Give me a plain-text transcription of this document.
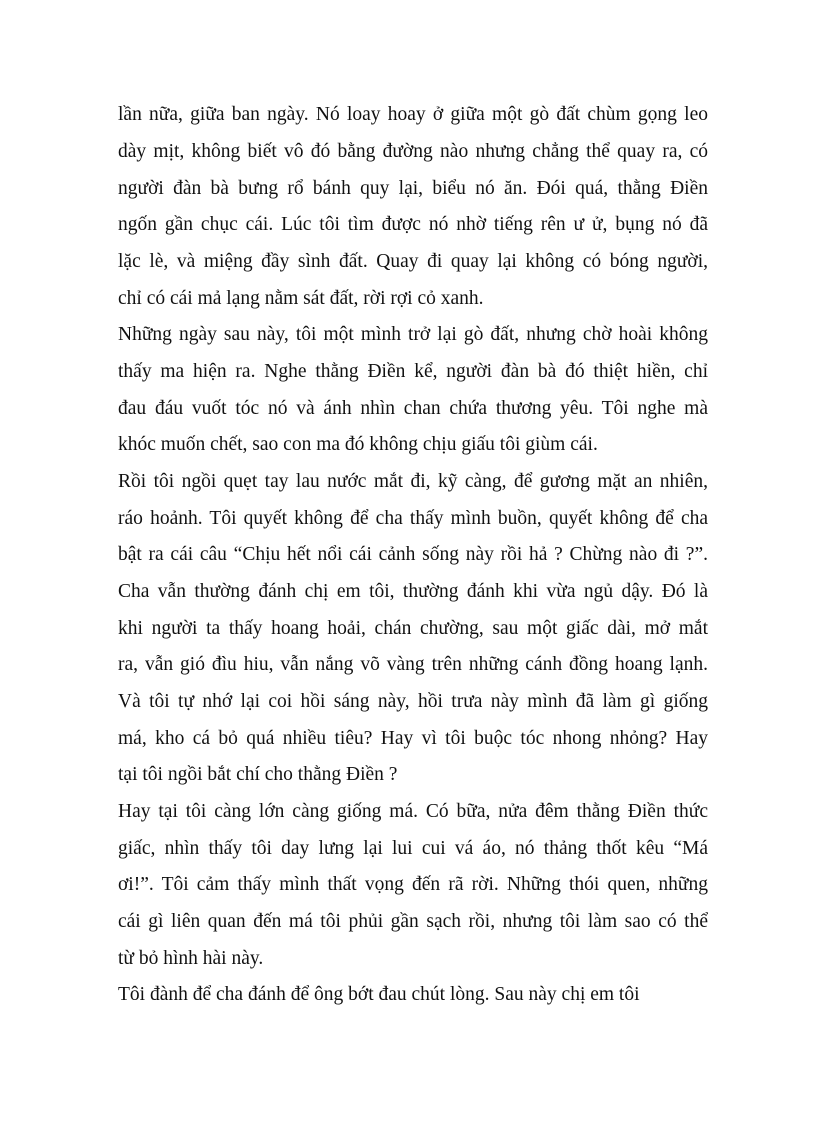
lần nữa, giữa ban ngày. Nó loay hoay ở giữa một gò đất chùm gọng leo

dày mịt, không biết vô đó bằng đường nào nhưng chẳng thể quay ra, có

người đàn bà bưng rổ bánh quy lại, biểu nó ăn. Đói quá, thằng Điền

ngốn gần chục cái. Lúc tôi tìm được nó nhờ tiếng rên ư ử, bụng nó đã

lặc lè, và miệng đầy sình đất. Quay đi quay lại không có bóng người,

chỉ có cái mả lạng nằm sát đất, rời rợi cỏ xanh.

Những ngày sau này, tôi một mình trở lại gò đất, nhưng chờ hoài không

thấy ma hiện ra. Nghe thằng Điền kể, người đàn bà đó thiệt hiền, chỉ

đau đáu vuốt tóc nó và ánh nhìn chan chứa thương yêu. Tôi nghe mà

khóc muốn chết, sao con ma đó không chịu giấu tôi giùm cái.

Rồi tôi ngồi quẹt tay lau nước mắt đi, kỹ càng, để gương mặt an nhiên,

ráo hoảnh. Tôi quyết không để cha thấy mình buồn, quyết không để cha

bật ra cái câu “Chịu hết nổi cái cảnh sống này rồi hả ? Chừng nào đi ?”.

Cha vẫn thường đánh chị em tôi, thường đánh khi vừa ngủ dậy. Đó là

khi người ta thấy hoang hoải, chán chường, sau một giấc dài, mở mắt

ra, vẫn gió đìu hiu, vẫn nắng võ vàng trên những cánh đồng hoang lạnh.

Và tôi tự nhớ lại coi hồi sáng này, hồi trưa này mình đã làm gì giống

má, kho cá bỏ quá nhiều tiêu? Hay vì tôi buộc tóc nhong nhỏng? Hay

tại tôi ngồi bắt chí cho thằng Điền ?

Hay tại tôi càng lớn càng giống má. Có bữa, nửa đêm thằng Điền thức

giấc, nhìn thấy tôi day lưng lại lui cui vá áo, nó thảng thốt kêu “Má

ơi!”. Tôi cảm thấy mình thất vọng đến rã rời. Những thói quen, những

cái gì liên quan đến má tôi phủi gần sạch rồi, nhưng tôi làm sao có thể

từ bỏ hình hài này.

Tôi đành để cha đánh để ông bớt đau chút lòng. Sau này chị em tôi
